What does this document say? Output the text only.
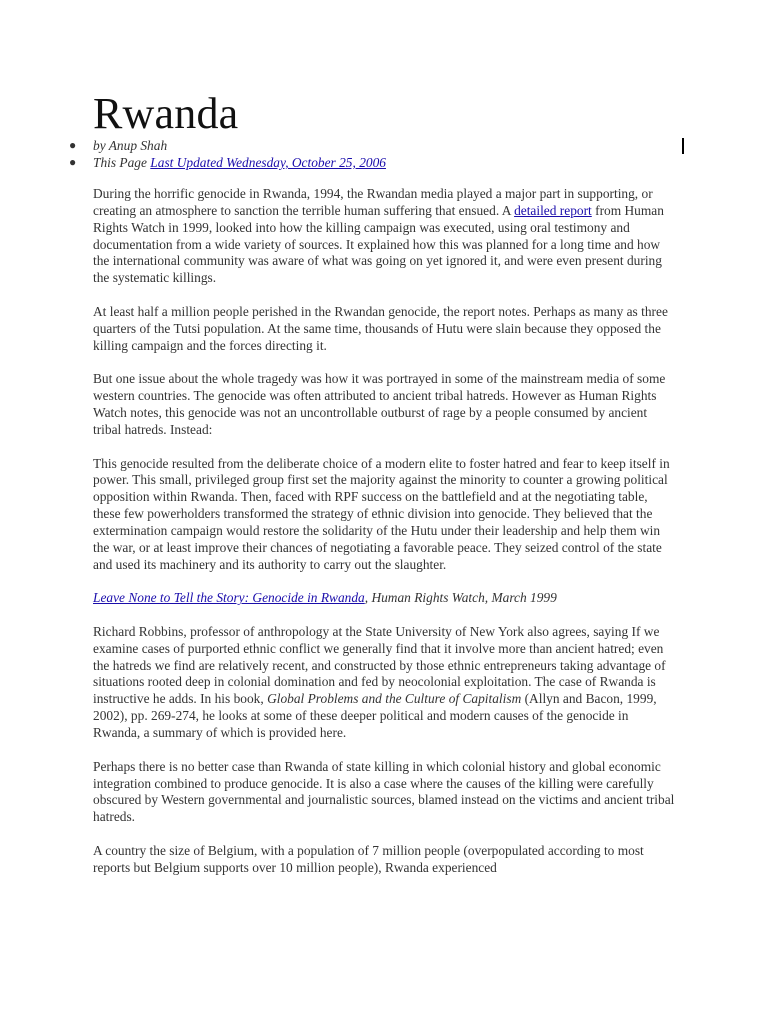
Rwanda
● by Anup Shah
● This Page Last Updated Wednesday, October 25, 2006

During the horrific genocide in Rwanda, 1994, the Rwandan media played a major part in supporting, or creating an atmosphere to sanction the terrible human suffering that ensued. A detailed report from Human Rights Watch in 1999, looked into how the killing campaign was executed, using oral testimony and documentation from a wide variety of sources. It explained how this was planned for a long time and how the international community was aware of what was going on yet ignored it, and were even present during the systematic killings.

At least half a million people perished in the Rwandan genocide, the report notes. Perhaps as many as three quarters of the Tutsi population. At the same time, thousands of Hutu were slain because they opposed the killing campaign and the forces directing it.

But one issue about the whole tragedy was how it was portrayed in some of the mainstream media of some western countries. The genocide was often attributed to ancient tribal hatreds. However as Human Rights Watch notes, this genocide was not an uncontrollable outburst of rage by a people consumed by ancient tribal hatreds. Instead:

This genocide resulted from the deliberate choice of a modern elite to foster hatred and fear to keep itself in power. This small, privileged group first set the majority against the minority to counter a growing political opposition within Rwanda. Then, faced with RPF success on the battlefield and at the negotiating table, these few powerholders transformed the strategy of ethnic division into genocide. They believed that the extermination campaign would restore the solidarity of the Hutu under their leadership and help them win the war, or at least improve their chances of negotiating a favorable peace. They seized control of the state and used its machinery and its authority to carry out the slaughter.

Leave None to Tell the Story: Genocide in Rwanda, Human Rights Watch, March 1999

Richard Robbins, professor of anthropology at the State University of New York also agrees, saying If we examine cases of purported ethnic conflict we generally find that it involve more than ancient hatred; even the hatreds we find are relatively recent, and constructed by those ethnic entrepreneurs taking advantage of situations rooted deep in colonial domination and fed by neocolonial exploitation. The case of Rwanda is instructive he adds. In his book, Global Problems and the Culture of Capitalism (Allyn and Bacon, 1999, 2002), pp. 269-274, he looks at some of these deeper political and modern causes of the genocide in Rwanda, a summary of which is provided here.

Perhaps there is no better case than Rwanda of state killing in which colonial history and global economic integration combined to produce genocide. It is also a case where the causes of the killing were carefully obscured by Western governmental and journalistic sources, blamed instead on the victims and ancient tribal hatreds.

A country the size of Belgium, with a population of 7 million people (overpopulated according to most reports but Belgium supports over 10 million people), Rwanda experienced
